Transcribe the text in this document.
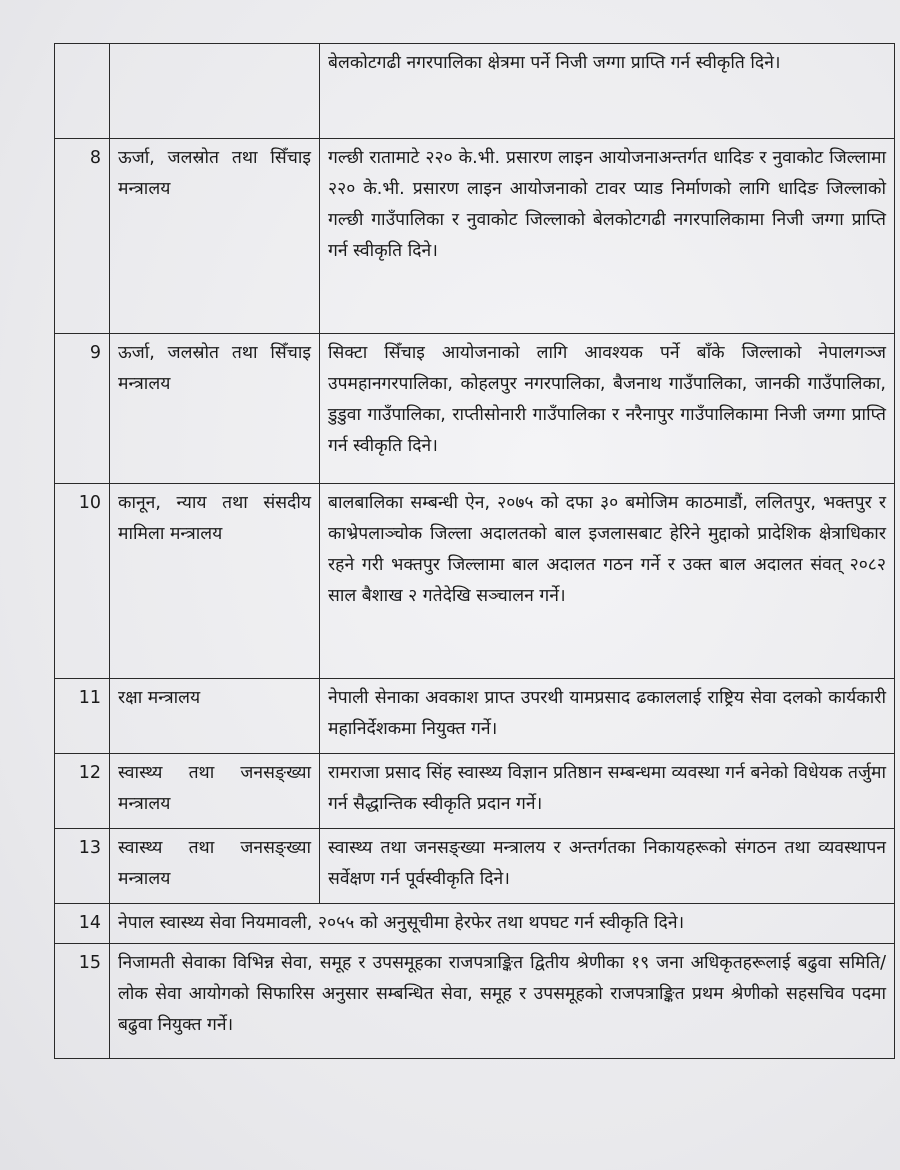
		बेलकोटगढी नगरपालिका क्षेत्रमा पर्ने निजी जग्गा प्राप्ति गर्न स्वीकृति दिने।
8	ऊर्जा, जलस्रोत तथा सिँचाइ मन्त्रालय	गल्छी रातामाटे २२० के.भी. प्रसारण लाइन आयोजनाअन्तर्गत धादिङ र नुवाकोट जिल्लामा २२० के.भी. प्रसारण लाइन आयोजनाको टावर प्याड निर्माणको लागि धादिङ जिल्लाको गल्छी गाउँपालिका र नुवाकोट जिल्लाको बेलकोटगढी नगरपालिकामा निजी जग्गा प्राप्ति गर्न स्वीकृति दिने।
9	ऊर्जा, जलस्रोत तथा सिँचाइ मन्त्रालय	सिक्टा सिँचाइ आयोजनाको लागि आवश्यक पर्ने बाँके जिल्लाको नेपालगञ्ज उपमहानगरपालिका, कोहलपुर नगरपालिका, बैजनाथ गाउँपालिका, जानकी गाउँपालिका, डुडुवा गाउँपालिका, राप्तीसोनारी गाउँपालिका र नरैनापुर गाउँपालिकामा निजी जग्गा प्राप्ति गर्न स्वीकृति दिने।
10	कानून, न्याय तथा संसदीय मामिला मन्त्रालय	बालबालिका सम्बन्धी ऐन, २०७५ को दफा ३० बमोजिम काठमाडौं, ललितपुर, भक्तपुर र काभ्रेपलाञ्चोक जिल्ला अदालतको बाल इजलासबाट हेरिने मुद्दाको प्रादेशिक क्षेत्राधिकार रहने गरी भक्तपुर जिल्लामा बाल अदालत गठन गर्ने र उक्त बाल अदालत संवत् २०८२ साल बैशाख २ गतेदेखि सञ्चालन गर्ने।
11	रक्षा मन्त्रालय	नेपाली सेनाका अवकाश प्राप्त उपरथी यामप्रसाद ढकाललाई राष्ट्रिय सेवा दलको कार्यकारी महानिर्देशकमा नियुक्त गर्ने।
12	स्वास्थ्य तथा जनसङ्ख्या मन्त्रालय	रामराजा प्रसाद सिंह स्वास्थ्य विज्ञान प्रतिष्ठान सम्बन्धमा व्यवस्था गर्न बनेको विधेयक तर्जुमा गर्न सैद्धान्तिक स्वीकृति प्रदान गर्ने।
13	स्वास्थ्य तथा जनसङ्ख्या मन्त्रालय	स्वास्थ्य तथा जनसङ्ख्या मन्त्रालय र अन्तर्गतका निकायहरूको संगठन तथा व्यवस्थापन सर्वेक्षण गर्न पूर्वस्वीकृति दिने।
14	नेपाल स्वास्थ्य सेवा नियमावली, २०५५ को अनुसूचीमा हेरफेर तथा थपघट गर्न स्वीकृति दिने।	
15	निजामती सेवाका विभिन्न सेवा, समूह र उपसमूहका राजपत्राङ्कित द्वितीय श्रेणीका १९ जना अधिकृतहरूलाई बढुवा समिति/लोक सेवा आयोगको सिफारिस अनुसार सम्बन्धित सेवा, समूह र उपसमूहको राजपत्राङ्कित प्रथम श्रेणीको सहसचिव पदमा बढुवा नियुक्त गर्ने।	
